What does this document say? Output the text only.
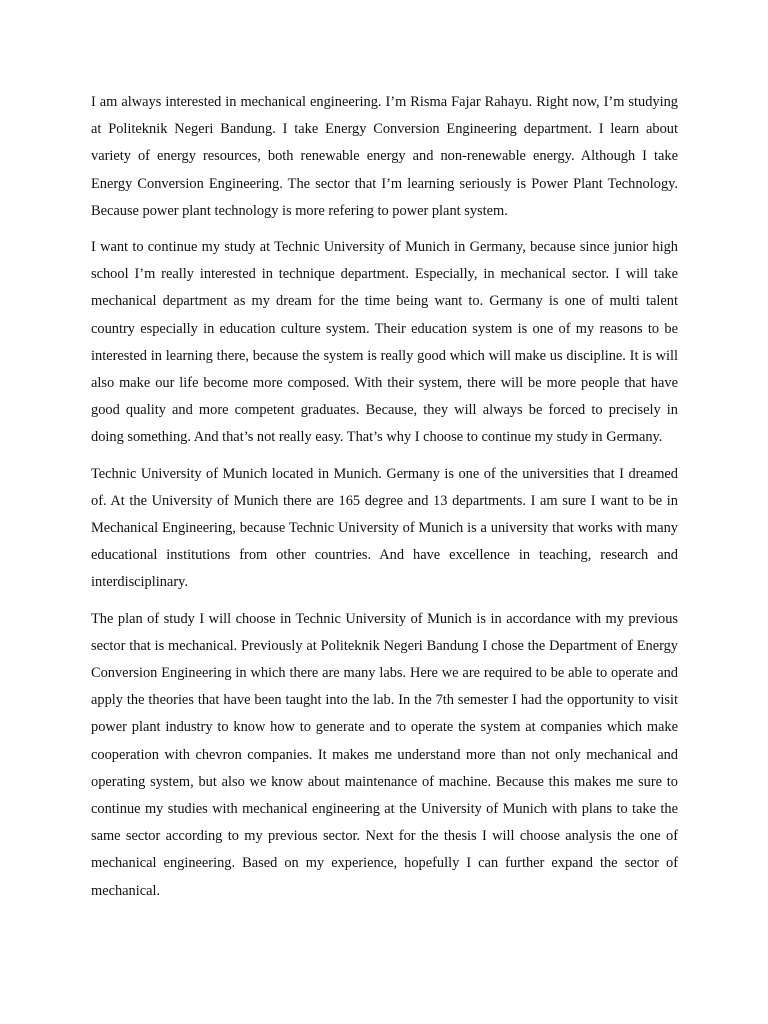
I am always interested in mechanical engineering. I’m Risma Fajar Rahayu. Right now, I’m studying at Politeknik Negeri Bandung. I take Energy Conversion Engineering department. I learn about variety of energy resources, both renewable energy and non-renewable energy. Although I take Energy Conversion Engineering. The sector that I’m learning seriously is Power Plant Technology. Because power plant technology is more refering to power plant system.

I want to continue my study at Technic University of Munich in Germany, because since junior high school I’m really interested in technique department. Especially, in mechanical sector. I will take mechanical department as my dream for the time being want to. Germany is one of multi talent country especially in education culture system. Their education system is one of my reasons to be interested in learning there, because the system is really good which will make us discipline. It is will also make our life become more composed. With their system, there will be more people that have good quality and more competent graduates. Because, they will always be forced to precisely in doing something. And that’s not really easy. That’s why I choose to continue my study in Germany.

Technic University of Munich located in Munich. Germany is one of the universities that I dreamed of. At the University of Munich there are 165 degree and 13 departments. I am sure I want to be in Mechanical Engineering, because Technic University of Munich is a university that works with many educational institutions from other countries. And have excellence in teaching, research and interdisciplinary.

The plan of study I will choose in Technic University of Munich is in accordance with my previous sector that is mechanical. Previously at Politeknik Negeri Bandung I chose the Department of Energy Conversion Engineering in which there are many labs. Here we are required to be able to operate and apply the theories that have been taught into the lab. In the 7th semester I had the opportunity to visit power plant industry to know how to generate and to operate the system at companies which make cooperation with chevron companies. It makes me understand more than not only mechanical and operating system, but also we know about maintenance of machine. Because this makes me sure to continue my studies with mechanical engineering at the University of Munich with plans to take the same sector according to my previous sector. Next for the thesis I will choose analysis the one of mechanical engineering. Based on my experience, hopefully I can further expand the sector of mechanical.
